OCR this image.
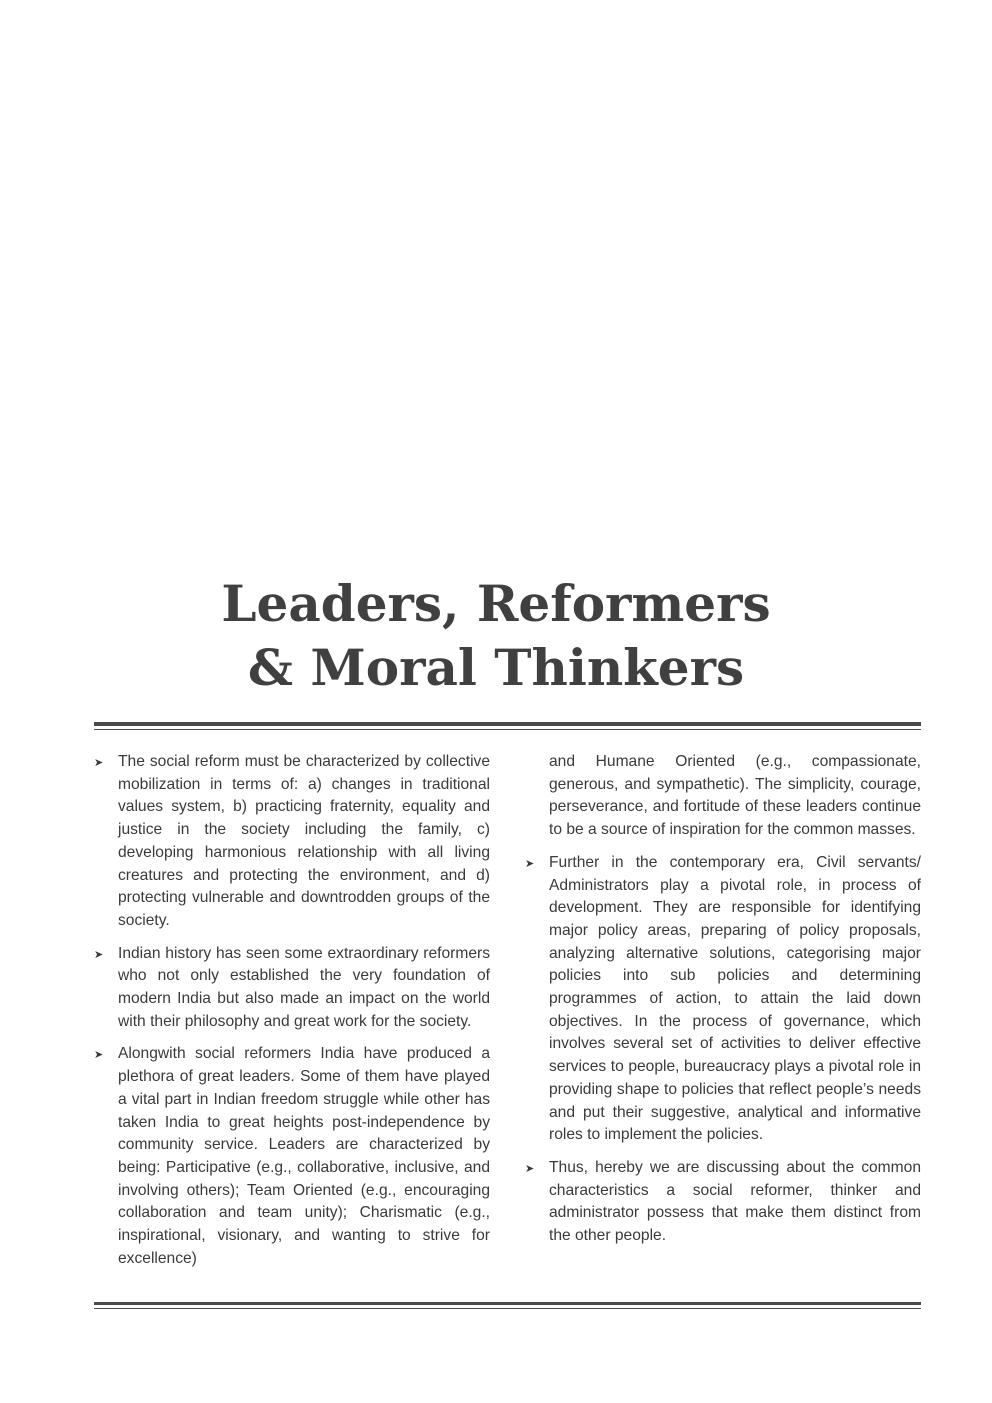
Leaders, Reformers
& Moral Thinkers

➤ The social reform must be characterized by collective mobilization in terms of: a) changes in traditional values system, b) practicing fraternity, equality and justice in the society including the family, c) developing harmonious relationship with all living creatures and protecting the environment, and d) protecting vulnerable and downtrodden groups of the society.

➤ Indian history has seen some extraordinary reformers who not only established the very foundation of modern India but also made an impact on the world with their philosophy and great work for the society.

➤ Alongwith social reformers India have produced a plethora of great leaders. Some of them have played a vital part in Indian freedom struggle while other has taken India to great heights post-independence by community service. Leaders are characterized by being: Participative (e.g., collaborative, inclusive, and involving others); Team Oriented (e.g., encouraging collaboration and team unity); Charismatic (e.g., inspirational, visionary, and wanting to strive for excellence)

and Humane Oriented (e.g., compassionate, generous, and sympathetic). The simplicity, courage, perseverance, and fortitude of these leaders continue to be a source of inspiration for the common masses.

➤ Further in the contemporary era, Civil servants/ Administrators play a pivotal role, in process of development. They are responsible for identifying major policy areas, preparing of policy proposals, analyzing alternative solutions, categorising major policies into sub policies and determining programmes of action, to attain the laid down objectives. In the process of governance, which involves several set of activities to deliver effective services to people, bureaucracy plays a pivotal role in providing shape to policies that reflect people’s needs and put their suggestive, analytical and informative roles to implement the policies.

➤ Thus, hereby we are discussing about the common characteristics a social reformer, thinker and administrator possess that make them distinct from the other people.
